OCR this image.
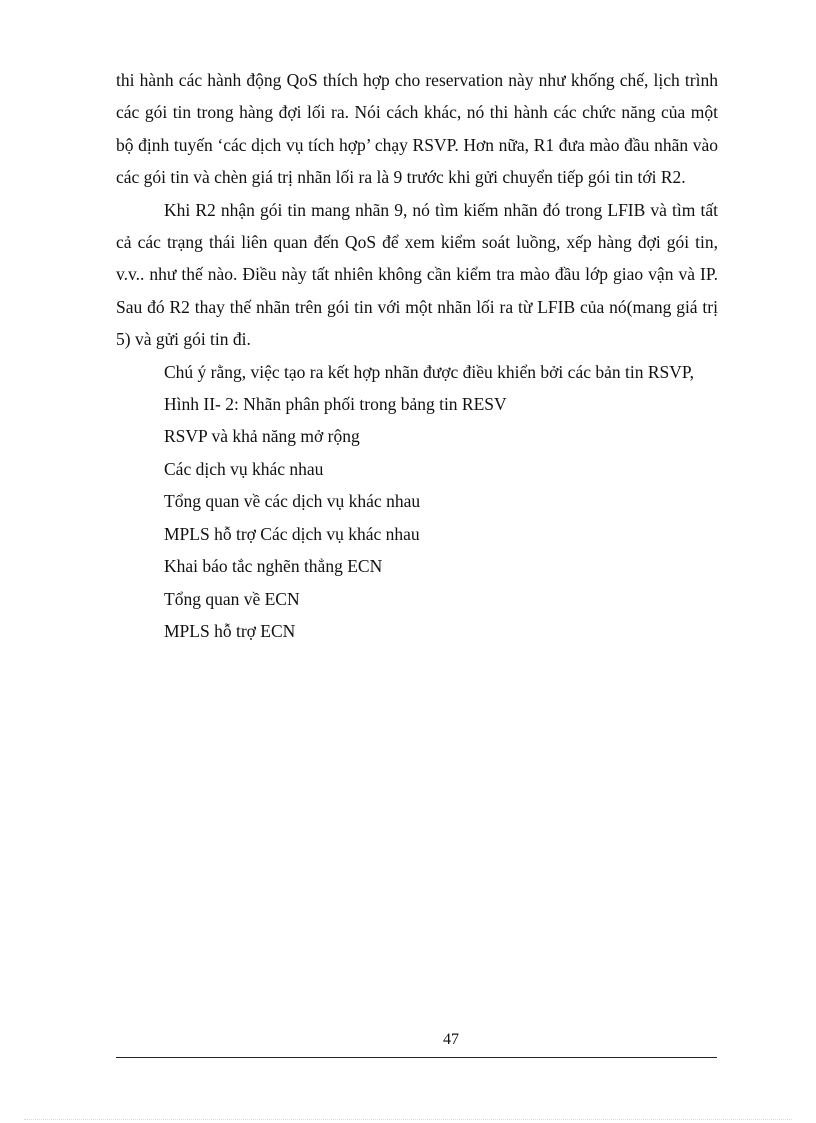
thi hành các hành động QoS thích hợp cho reservation này như khống chế, lịch trình các gói tin trong hàng đợi lối ra. Nói cách khác, nó thi hành các chức năng của một bộ định tuyến ‘các dịch vụ tích hợp’ chạy RSVP. Hơn nữa, R1 đưa mào đầu nhãn vào các gói tin và chèn giá trị nhãn lối ra là 9 trước khi gửi chuyển tiếp gói tin tới R2.

Khi R2 nhận gói tin mang nhãn 9, nó tìm kiếm nhãn đó trong LFIB và tìm tất cả các trạng thái liên quan đến QoS để xem kiểm soát luồng, xếp hàng đợi gói tin, v.v.. như thế nào. Điều này tất nhiên không cần kiểm tra mào đầu lớp giao vận và IP. Sau đó R2 thay thế nhãn trên gói tin với một nhãn lối ra từ LFIB của nó(mang giá trị 5) và gửi gói tin đi.

Chú ý rằng, việc tạo ra kết hợp nhãn được điều khiển bởi các bản tin RSVP,

Hình II- 2: Nhãn phân phối trong bảng tin RESV

RSVP và khả năng mở rộng

Các dịch vụ khác nhau

Tổng quan về các dịch vụ khác nhau

MPLS hỗ trợ Các dịch vụ khác nhau

Khai báo tắc nghẽn thẳng ECN

Tổng quan về ECN

MPLS hỗ trợ ECN

47
